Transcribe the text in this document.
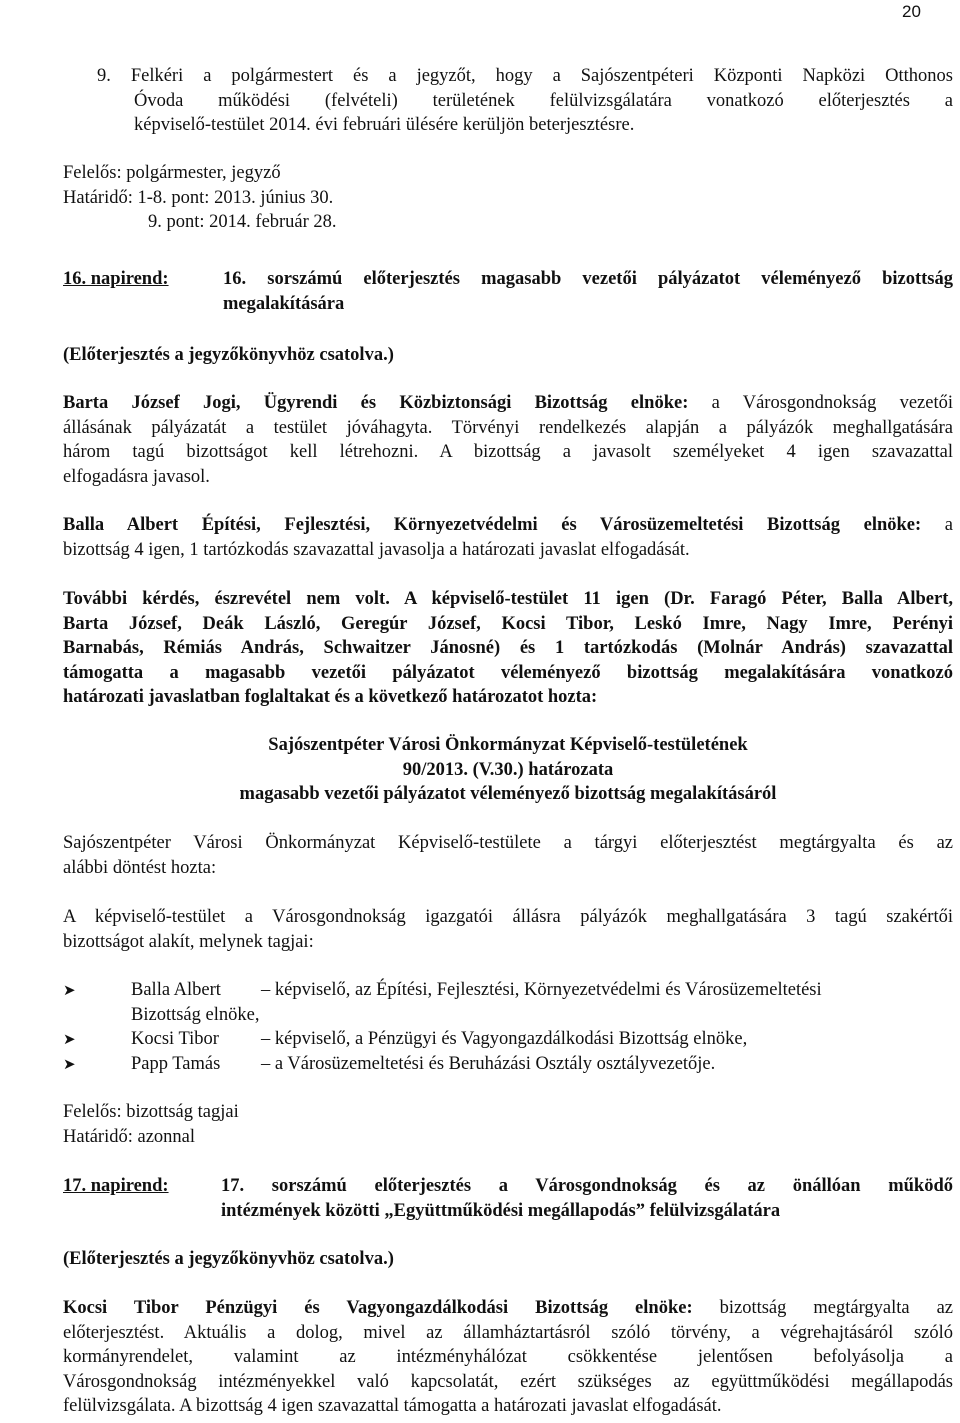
20

9. Felkéri a polgármestert és a jegyzőt, hogy a Sajószentpéteri Központi Napközi Otthonos

Óvoda működési (felvételi) területének felülvizsgálatára vonatkozó előterjesztés a

képviselő-testület 2014. évi februári ülésére kerüljön beterjesztésre.

Felelős: polgármester, jegyző

Határidő: 1-8. pont: 2013. június 30.

9. pont: 2014. február 28.

16. napirend:	16. sorszámú előterjesztés magasabb vezetői pályázatot véleményező bizottság
megalakítására
(Előterjesztés a jegyzőkönyvhöz csatolva.)

Barta József Jogi, Ügyrendi és Közbiztonsági Bizottság elnöke: a Városgondnokság vezetői

állásának pályázatát a testület jóváhagyta. Törvényi rendelkezés alapján a pályázók meghallgatására

három tagú bizottságot kell létrehozni. A bizottság a javasolt személyeket 4 igen szavazattal

elfogadásra javasol.

Balla Albert Építési, Fejlesztési, Környezetvédelmi és Városüzemeltetési Bizottság elnöke: a

bizottság 4 igen, 1 tartózkodás szavazattal javasolja a határozati javaslat elfogadását.

További kérdés, észrevétel nem volt. A képviselő-testület 11 igen (Dr. Faragó Péter, Balla Albert,

Barta József, Deák László, Geregúr József, Kocsi Tibor, Leskó Imre, Nagy Imre, Perényi

Barnabás, Rémiás András, Schwaitzer Jánosné) és 1 tartózkodás (Molnár András) szavazattal

támogatta a magasabb vezetői pályázatot véleményező bizottság megalakítására vonatkozó

határozati javaslatban foglaltakat és a következő határozatot hozta:

Sajószentpéter Városi Önkormányzat Képviselő-testületének

90/2013. (V.30.) határozata

magasabb vezetői pályázatot véleményező bizottság megalakításáról

Sajószentpéter Városi Önkormányzat Képviselő-testülete a tárgyi előterjesztést megtárgyalta és az

alábbi döntést hozta:

A képviselő-testület a Városgondnokság igazgatói állásra pályázók meghallgatására 3 tagú szakértői

bizottságot alakít, melynek tagjai:

➤	Balla Albert – képviselő, az Építési, Fejlesztési, Környezetvédelmi és Városüzemeltetési
Bizottság elnöke,
➤	Kocsi Tibor – képviselő, a Pénzügyi és Vagyongazdálkodási Bizottság elnöke,
➤	Papp Tamás – a Városüzemeltetési és Beruházási Osztály osztályvezetője.

Felelős: bizottság tagjai

Határidő: azonnal

17. napirend:	17. sorszámú előterjesztés a Városgondnokság és az önállóan működő
intézmények közötti „Együttműködési megállapodás” felülvizsgálatára
(Előterjesztés a jegyzőkönyvhöz csatolva.)

Kocsi Tibor Pénzügyi és Vagyongazdálkodási Bizottság elnöke: bizottság megtárgyalta az

előterjesztést. Aktuális a dolog, mivel az államháztartásról szóló törvény, a végrehajtásáról szóló

kormányrendelet, valamint az intézményhálózat csökkentése jelentősen befolyásolja a

Városgondnokság intézményekkel való kapcsolatát, ezért szükséges az együttműködési megállapodás

felülvizsgálata. A bizottság 4 igen szavazattal támogatta a határozati javaslat elfogadását.
